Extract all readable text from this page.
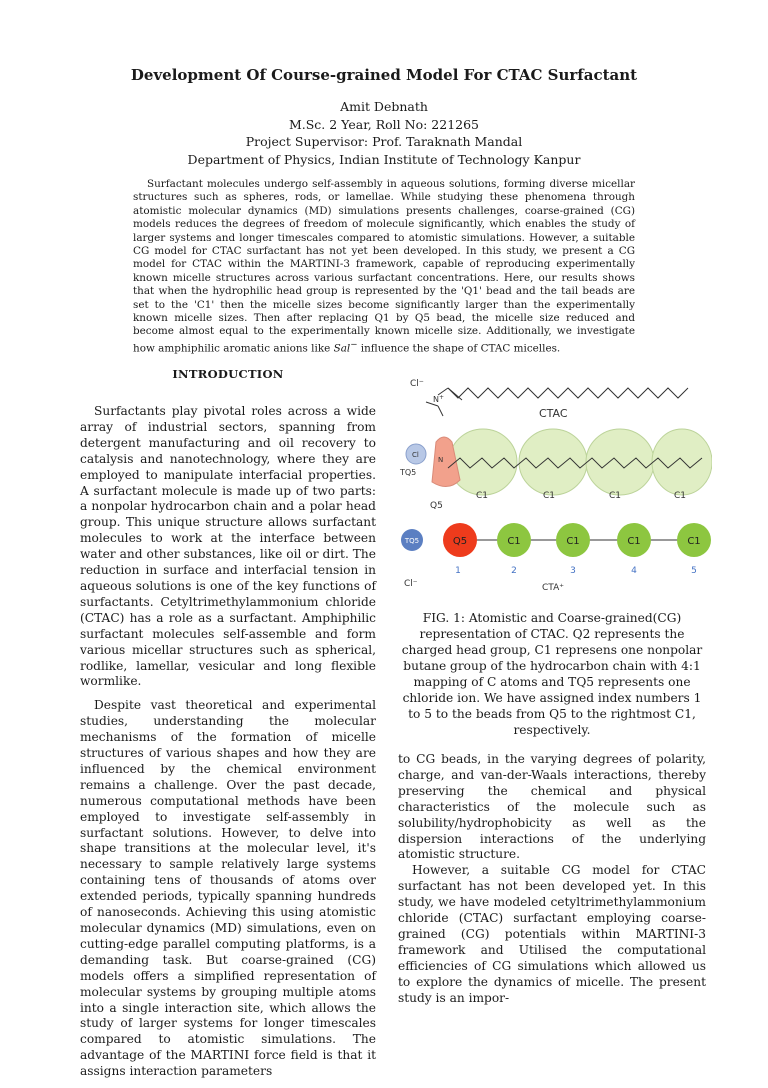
Development Of Course-grained Model For CTAC Surfactant
Amit Debnath
M.Sc. 2 Year, Roll No: 221265
Project Supervisor: Prof. Taraknath Mandal
Department of Physics, Indian Institute of Technology Kanpur

Surfactant molecules undergo self-assembly in aqueous solutions, forming diverse micellar structures such as spheres, rods, or lamellae. While studying these phenomena through atomistic molecular dynamics (MD) simulations presents challenges, coarse-grained (CG) models reduces the degrees of freedom of molecule significantly, which enables the study of larger systems and longer timescales compared to atomistic simulations. However, a suitable CG model for CTAC surfactant has not yet been developed. In this study, we present a CG model for CTAC within the MARTINI-3 framework, capable of reproducing experimentally known micelle structures across various surfactant concentrations. Here, our results shows that when the hydrophilic head group is represented by the 'Q1' bead and the tail beads are set to the 'C1' then the micelle sizes become significantly larger than the experimentally known micelle sizes. Then after replacing Q1 by Q5 bead, the micelle size reduced and become almost equal to the experimentally known micelle size. Additionally, we investigate how amphiphilic aromatic anions like Sal− influence the shape of CTAC micelles.

INTRODUCTION

Surfactants play pivotal roles across a wide array of industrial sectors, spanning from detergent manufacturing and oil recovery to catalysis and nanotechnology, where they are employed to manipulate interfacial properties. A surfactant molecule is made up of two parts: a nonpolar hydrocarbon chain and a polar head group. This unique structure allows surfactant molecules to work at the interface between water and other substances, like oil or dirt. The reduction in surface and interfacial tension in aqueous solutions is one of the key functions of surfactants. Cetyltrimethylammonium chloride (CTAC) has a role as a surfactant. Amphiphilic surfactant molecules self-assemble and form various micellar structures such as spherical, rodlike, lamellar, vesicular and long flexible wormlike.

Despite vast theoretical and experimental studies, understanding the molecular mechanisms of the formation of micelle structures of various shapes and how they are influenced by the chemical environment remains a challenge. Over the past decade, numerous computational methods have been employed to investigate self-assembly in surfactant solutions. However, to delve into shape transitions at the molecular level, it's necessary to sample relatively large systems containing tens of thousands of atoms over extended periods, typically spanning hundreds of nanoseconds. Achieving this using atomistic molecular dynamics (MD) simulations, even on cutting-edge parallel computing platforms, is a demanding task. But coarse-grained (CG) models offers a simplified representation of molecular systems by grouping multiple atoms into a single interaction site, which allows the study of larger systems for longer timescales compared to atomistic simulations. The advantage of the MARTINI force field is that it assigns interaction parameters

Cl−
N+
CTAC
Cl
N
TQ5
Q5
C1	C1	C1	C1
TQ5	Q5	C1	C1	C1	C1
1	2	3	4	5
Cl⁻	CTA⁺
FIG. 1: Atomistic and Coarse-grained(CG) representation of CTAC. Q2 represents the charged head group, C1 represens one nonpolar butane group of the hydrocarbon chain with 4:1 mapping of C atoms and TQ5 represents one chloride ion. We have assigned index numbers 1 to 5 to the beads from Q5 to the rightmost C1, respectively.

to CG beads, in the varying degrees of polarity, charge, and van-der-Waals interactions, thereby preserving the chemical and physical characteristics of the molecule such as solubility/hydrophobicity as well as the dispersion interactions of the underlying atomistic structure.

However, a suitable CG model for CTAC surfactant has not been developed yet. In this study, we have modeled cetyltrimethylammonium chloride (CTAC) surfactant employing coarse-grained (CG) potentials within MARTINI-3 framework and Utilised the computational efficiencies of CG simulations which allowed us to explore the dynamics of micelle. The present study is an impor-
